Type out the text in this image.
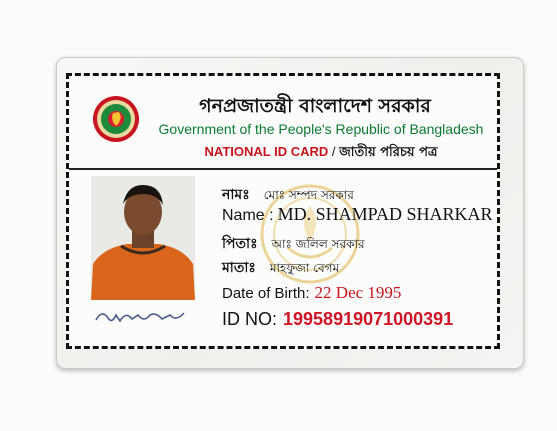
গনপ্রজাতন্ত্রী বাংলাদেশ সরকার
Government of the People's Republic of Bangladesh
NATIONAL ID CARD / জাতীয় পরিচয় পত্র
নামঃ মোঃ সম্পদ সরকার
Name : MD. SHAMPAD SHARKAR
পিতাঃ আঃ জলিল সরকার
মাতাঃ মাহফুজা বেগম
Date of Birth: 22 Dec 1995
ID NO: 19958919071000391
